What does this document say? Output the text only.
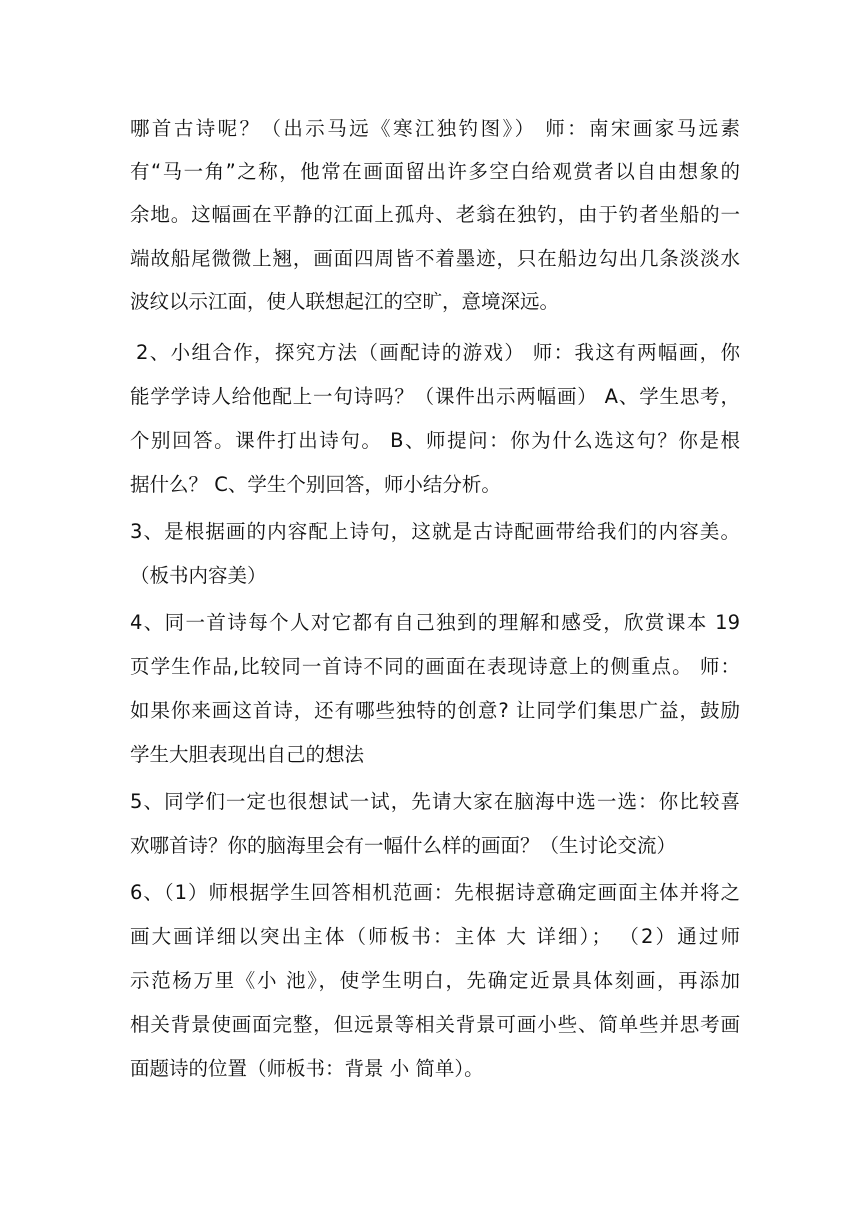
哪首古诗呢？（出示马远《寒江独钓图》） 师：南宋画家马远素
有“马一角”之称，他常在画面留出许多空白给观赏者以自由想象的
余地。这幅画在平静的江面上孤舟、老翁在独钓，由于钓者坐船的一
端故船尾微微上翘，画面四周皆不着墨迹，只在船边勾出几条淡淡水
波纹以示江面，使人联想起江的空旷，意境深远。
2、小组合作，探究方法（画配诗的游戏） 师：我这有两幅画，你
能学学诗人给他配上一句诗吗？（课件出示两幅画） A、学生思考，
个别回答。课件打出诗句。 B、师提问：你为什么选这句？你是根
据什么？ C、学生个别回答，师小结分析。
3、是根据画的内容配上诗句，这就是古诗配画带给我们的内容美。
（板书内容美）
4、同一首诗每个人对它都有自己独到的理解和感受，欣赏课本 19
页学生作品,比较同一首诗不同的画面在表现诗意上的侧重点。 师：
如果你来画这首诗，还有哪些独特的创意? 让同学们集思广益，鼓励
学生大胆表现出自己的想法
5、同学们一定也很想试一试，先请大家在脑海中选一选：你比较喜
欢哪首诗？你的脑海里会有一幅什么样的画面？（生讨论交流）
6、（1）师根据学生回答相机范画：先根据诗意确定画面主体并将之
画大画详细以突出主体（师板书：主体 大 详细）； （2）通过师
示范杨万里《小 池》，使学生明白，先确定近景具体刻画，再添加
相关背景使画面完整，但远景等相关背景可画小些、简单些并思考画
面题诗的位置（师板书：背景 小 简单）。
